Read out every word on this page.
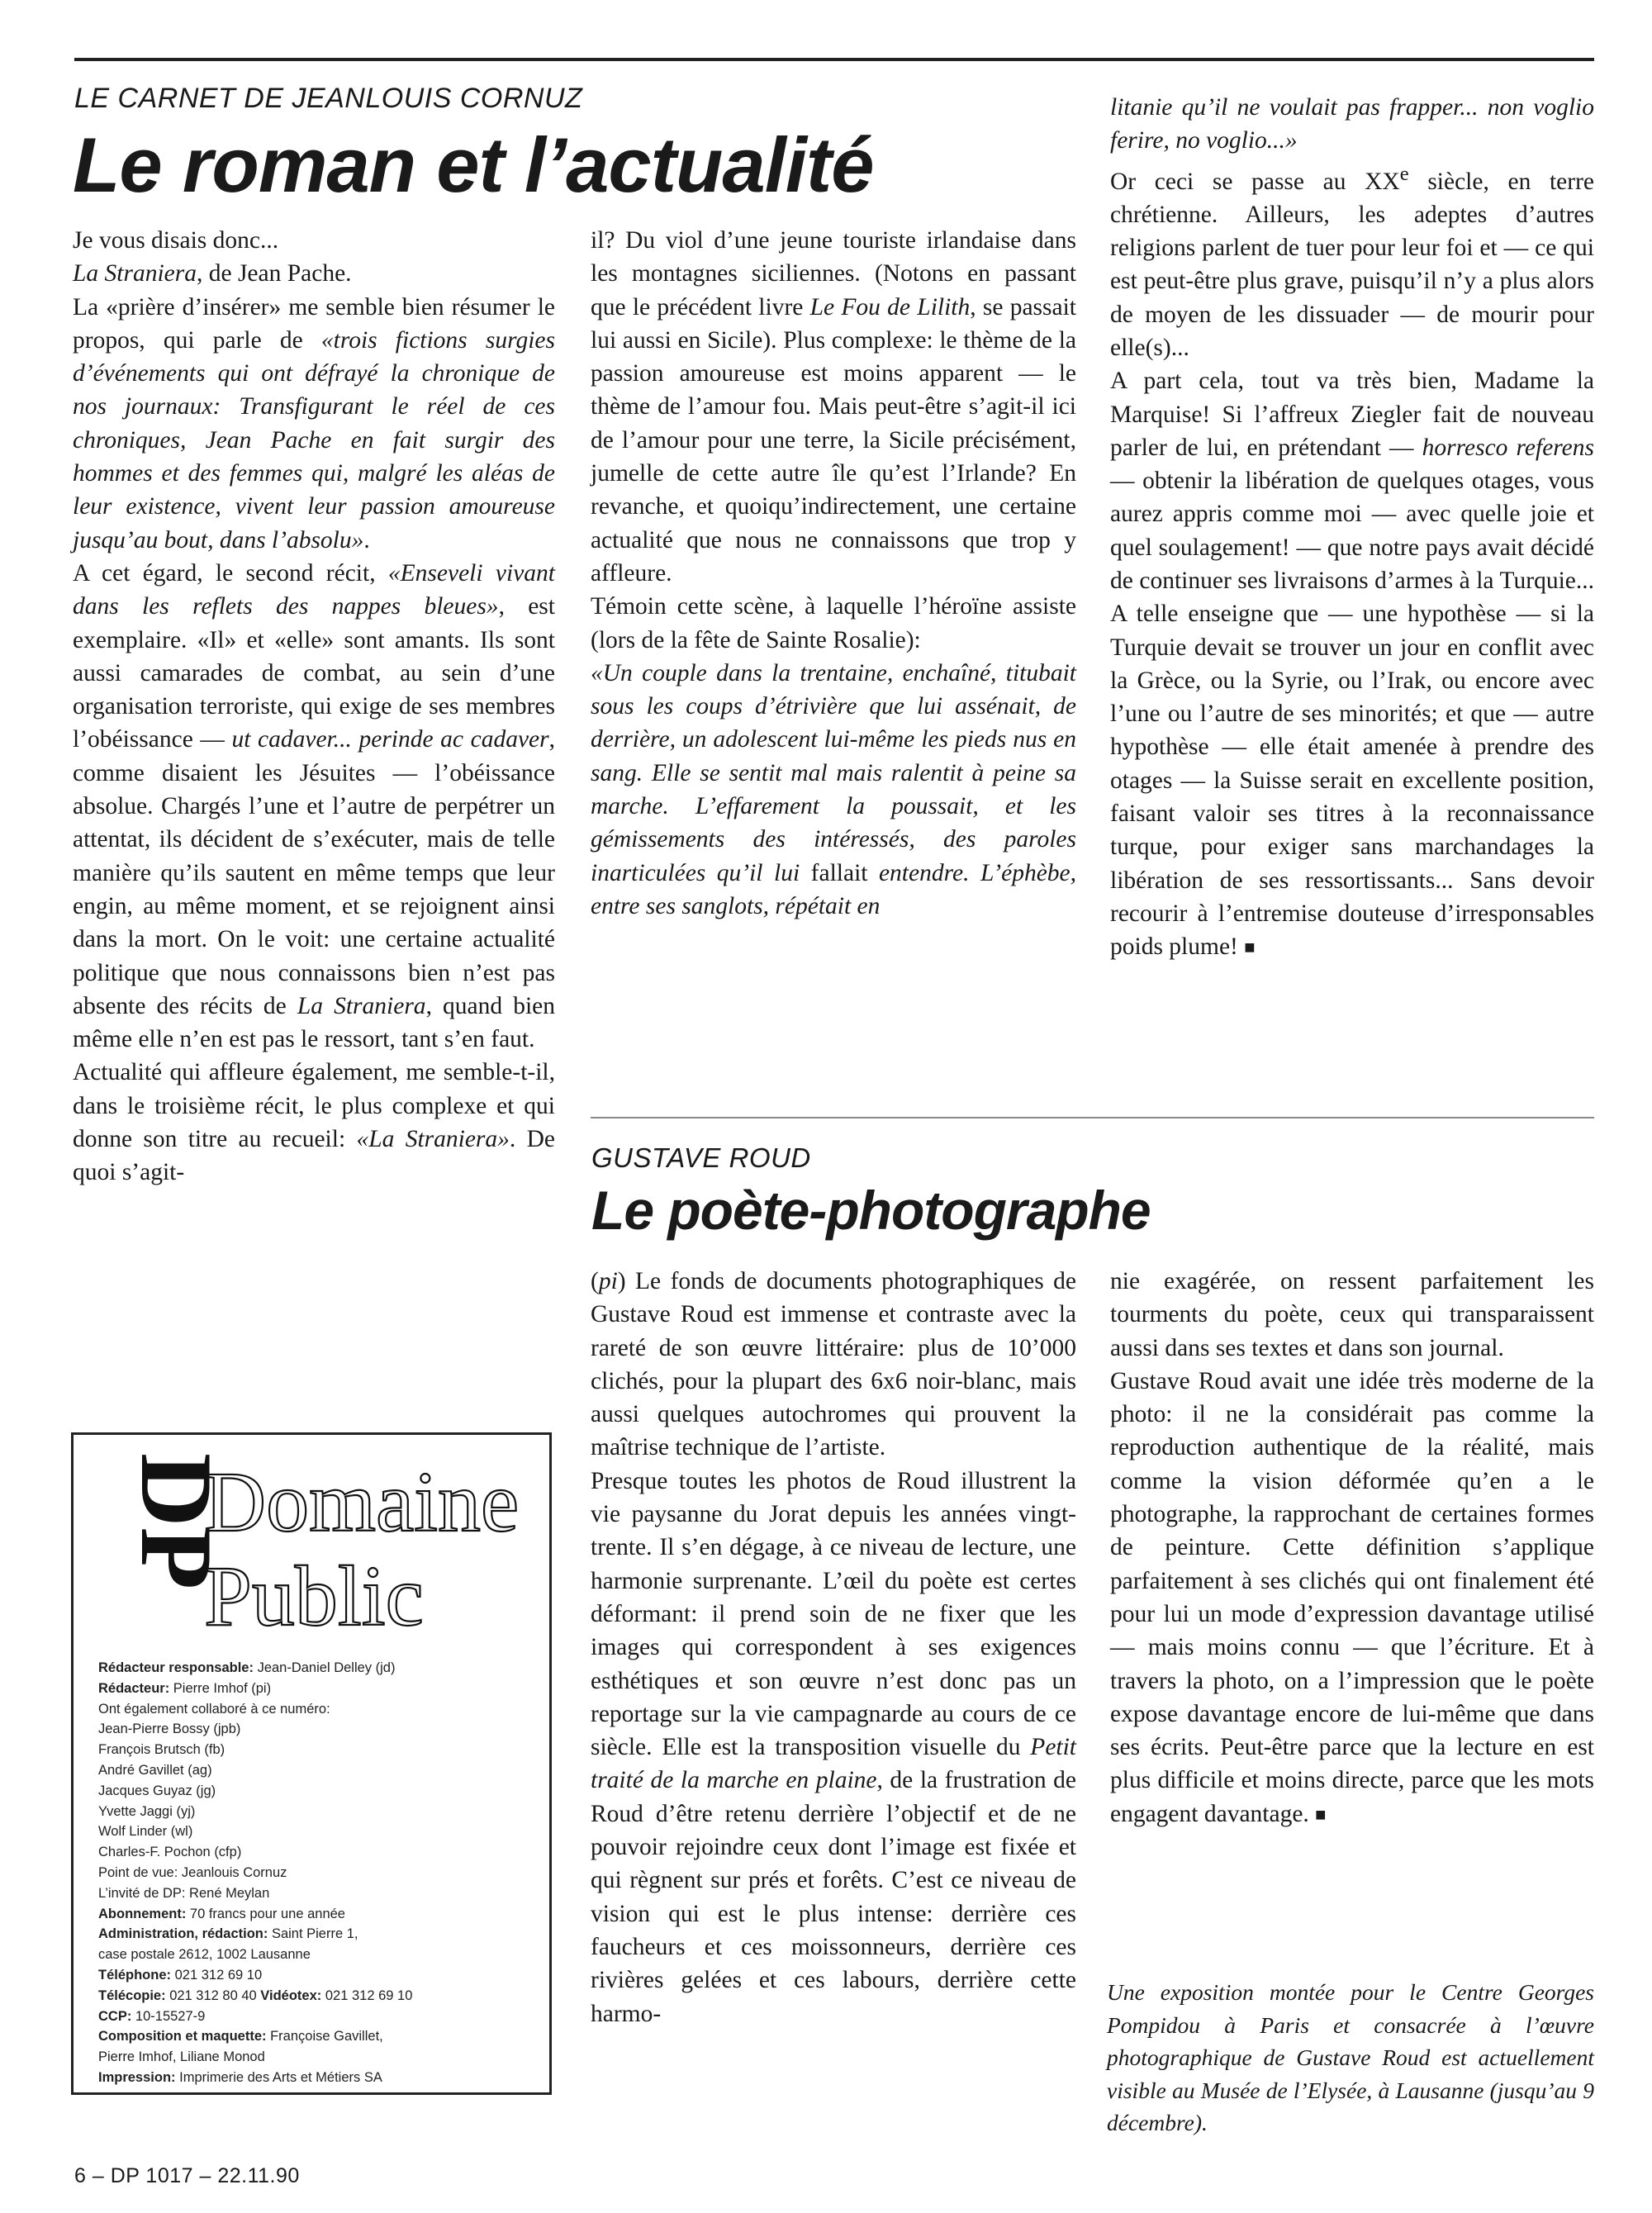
LE CARNET DE JEANLOUIS CORNUZ
Le roman et l’actualité

Je vous disais donc...

La Straniera, de Jean Pache.

La «prière d’insérer» me semble bien résumer le propos, qui parle de «trois fictions surgies d’événements qui ont défrayé la chronique de nos journaux: Transfigurant le réel de ces chroniques, Jean Pache en fait surgir des hommes et des femmes qui, malgré les aléas de leur existence, vivent leur passion amoureuse jusqu’au bout, dans l’absolu».

A cet égard, le second récit, «Enseveli vivant dans les reflets des nappes bleues», est exemplaire. «Il» et «elle» sont amants. Ils sont aussi camarades de combat, au sein d’une organisation terroriste, qui exige de ses membres l’obéissance — ut cadaver... perinde ac cadaver, comme disaient les Jésuites — l’obéissance absolue. Chargés l’une et l’autre de perpétrer un attentat, ils décident de s’exécuter, mais de telle manière qu’ils sautent en même temps que leur engin, au même moment, et se rejoignent ainsi dans la mort. On le voit: une certaine actualité politique que nous connaissons bien n’est pas absente des récits de La Straniera, quand bien même elle n’en est pas le ressort, tant s’en faut.

Actualité qui affleure également, me semble-t-il, dans le troisième récit, le plus complexe et qui donne son titre au recueil: «La Straniera». De quoi s’agit-

il? Du viol d’une jeune touriste irlandaise dans les montagnes siciliennes. (Notons en passant que le précédent livre Le Fou de Lilith, se passait lui aussi en Sicile). Plus complexe: le thème de la passion amoureuse est moins apparent — le thème de l’amour fou. Mais peut-être s’agit-il ici de l’amour pour une terre, la Sicile précisément, jumelle de cette autre île qu’est l’Irlande? En revanche, et quoiqu’indirectement, une certaine actualité que nous ne connaissons que trop y affleure.

Témoin cette scène, à laquelle l’héroïne assiste (lors de la fête de Sainte Rosalie):

«Un couple dans la trentaine, enchaîné, titubait sous les coups d’étrivière que lui assénait, de derrière, un adolescent lui-même les pieds nus en sang. Elle se sentit mal mais ralentit à peine sa marche. L’effarement la poussait, et les gémissements des intéressés, des paroles inarticulées qu’il lui fallait entendre. L’éphèbe, entre ses sanglots, répétait en

litanie qu’il ne voulait pas frapper... non voglio ferire, no voglio...»

Or ceci se passe au XXe siècle, en terre chrétienne. Ailleurs, les adeptes d’autres religions parlent de tuer pour leur foi et — ce qui est peut-être plus grave, puisqu’il n’y a plus alors de moyen de les dissuader — de mourir pour elle(s)...

A part cela, tout va très bien, Madame la Marquise! Si l’affreux Ziegler fait de nouveau parler de lui, en prétendant — horresco referens — obtenir la libération de quelques otages, vous aurez appris comme moi — avec quelle joie et quel soulagement! — que notre pays avait décidé de continuer ses livraisons d’armes à la Turquie... A telle enseigne que — une hypothèse — si la Turquie devait se trouver un jour en conflit avec la Grèce, ou la Syrie, ou l’Irak, ou encore avec l’une ou l’autre de ses minorités; et que — autre hypothèse — elle était amenée à prendre des otages — la Suisse serait en excellente position, faisant valoir ses titres à la reconnaissance turque, pour exiger sans marchandages la libération de ses ressortissants... Sans devoir recourir à l’entremise douteuse d’irresponsables poids plume! ■

GUSTAVE ROUD
Le poète-photographe

(pi) Le fonds de documents photographiques de Gustave Roud est immense et contraste avec la rareté de son œuvre littéraire: plus de 10’000 clichés, pour la plupart des 6x6 noir-blanc, mais aussi quelques autochromes qui prouvent la maîtrise technique de l’artiste.

Presque toutes les photos de Roud illustrent la vie paysanne du Jorat depuis les années vingt-trente. Il s’en dégage, à ce niveau de lecture, une harmonie surprenante. L’œil du poète est certes déformant: il prend soin de ne fixer que les images qui correspondent à ses exigences esthétiques et son œuvre n’est donc pas un reportage sur la vie campagnarde au cours de ce siècle. Elle est la transposition visuelle du Petit traité de la marche en plaine, de la frustration de Roud d’être retenu derrière l’objectif et de ne pouvoir rejoindre ceux dont l’image est fixée et qui règnent sur prés et forêts. C’est ce niveau de vision qui est le plus intense: derrière ces faucheurs et ces moissonneurs, derrière ces rivières gelées et ces labours, derrière cette harmo-

nie exagérée, on ressent parfaitement les tourments du poète, ceux qui transparaissent aussi dans ses textes et dans son journal.

Gustave Roud avait une idée très moderne de la photo: il ne la considérait pas comme la reproduction authentique de la réalité, mais comme la vision déformée qu’en a le photographe, la rapprochant de certaines formes de peinture. Cette définition s’applique parfaitement à ses clichés qui ont finalement été pour lui un mode d’expression davantage utilisé — mais moins connu — que l’écriture. Et à travers la photo, on a l’impression que le poète expose davantage encore de lui-même que dans ses écrits. Peut-être parce que la lecture en est plus difficile et moins directe, parce que les mots engagent davantage. ■

Une exposition montée pour le Centre Georges Pompidou à Paris et consacrée à l’œuvre photographique de Gustave Roud est actuellement visible au Musée de l’Elysée, à Lausanne (jusqu’au 9 décembre).
DP
Domaine
Public
Rédacteur responsable: Jean-Daniel Delley (jd)
Rédacteur: Pierre Imhof (pi)
Ont également collaboré à ce numéro:
Jean-Pierre Bossy (jpb)
François Brutsch (fb)
André Gavillet (ag)
Jacques Guyaz (jg)
Yvette Jaggi (yj)
Wolf Linder (wl)
Charles-F. Pochon (cfp)
Point de vue: Jeanlouis Cornuz
L’invité de DP: René Meylan
Abonnement: 70 francs pour une année
Administration, rédaction: Saint Pierre 1,
case postale 2612, 1002 Lausanne
Téléphone: 021 312 69 10
Télécopie: 021 312 80 40 Vidéotex: 021 312 69 10
CCP: 10-15527-9
Composition et maquette: Françoise Gavillet,
Pierre Imhof, Liliane Monod
Impression: Imprimerie des Arts et Métiers SA
6 – DP 1017 – 22.11.90
